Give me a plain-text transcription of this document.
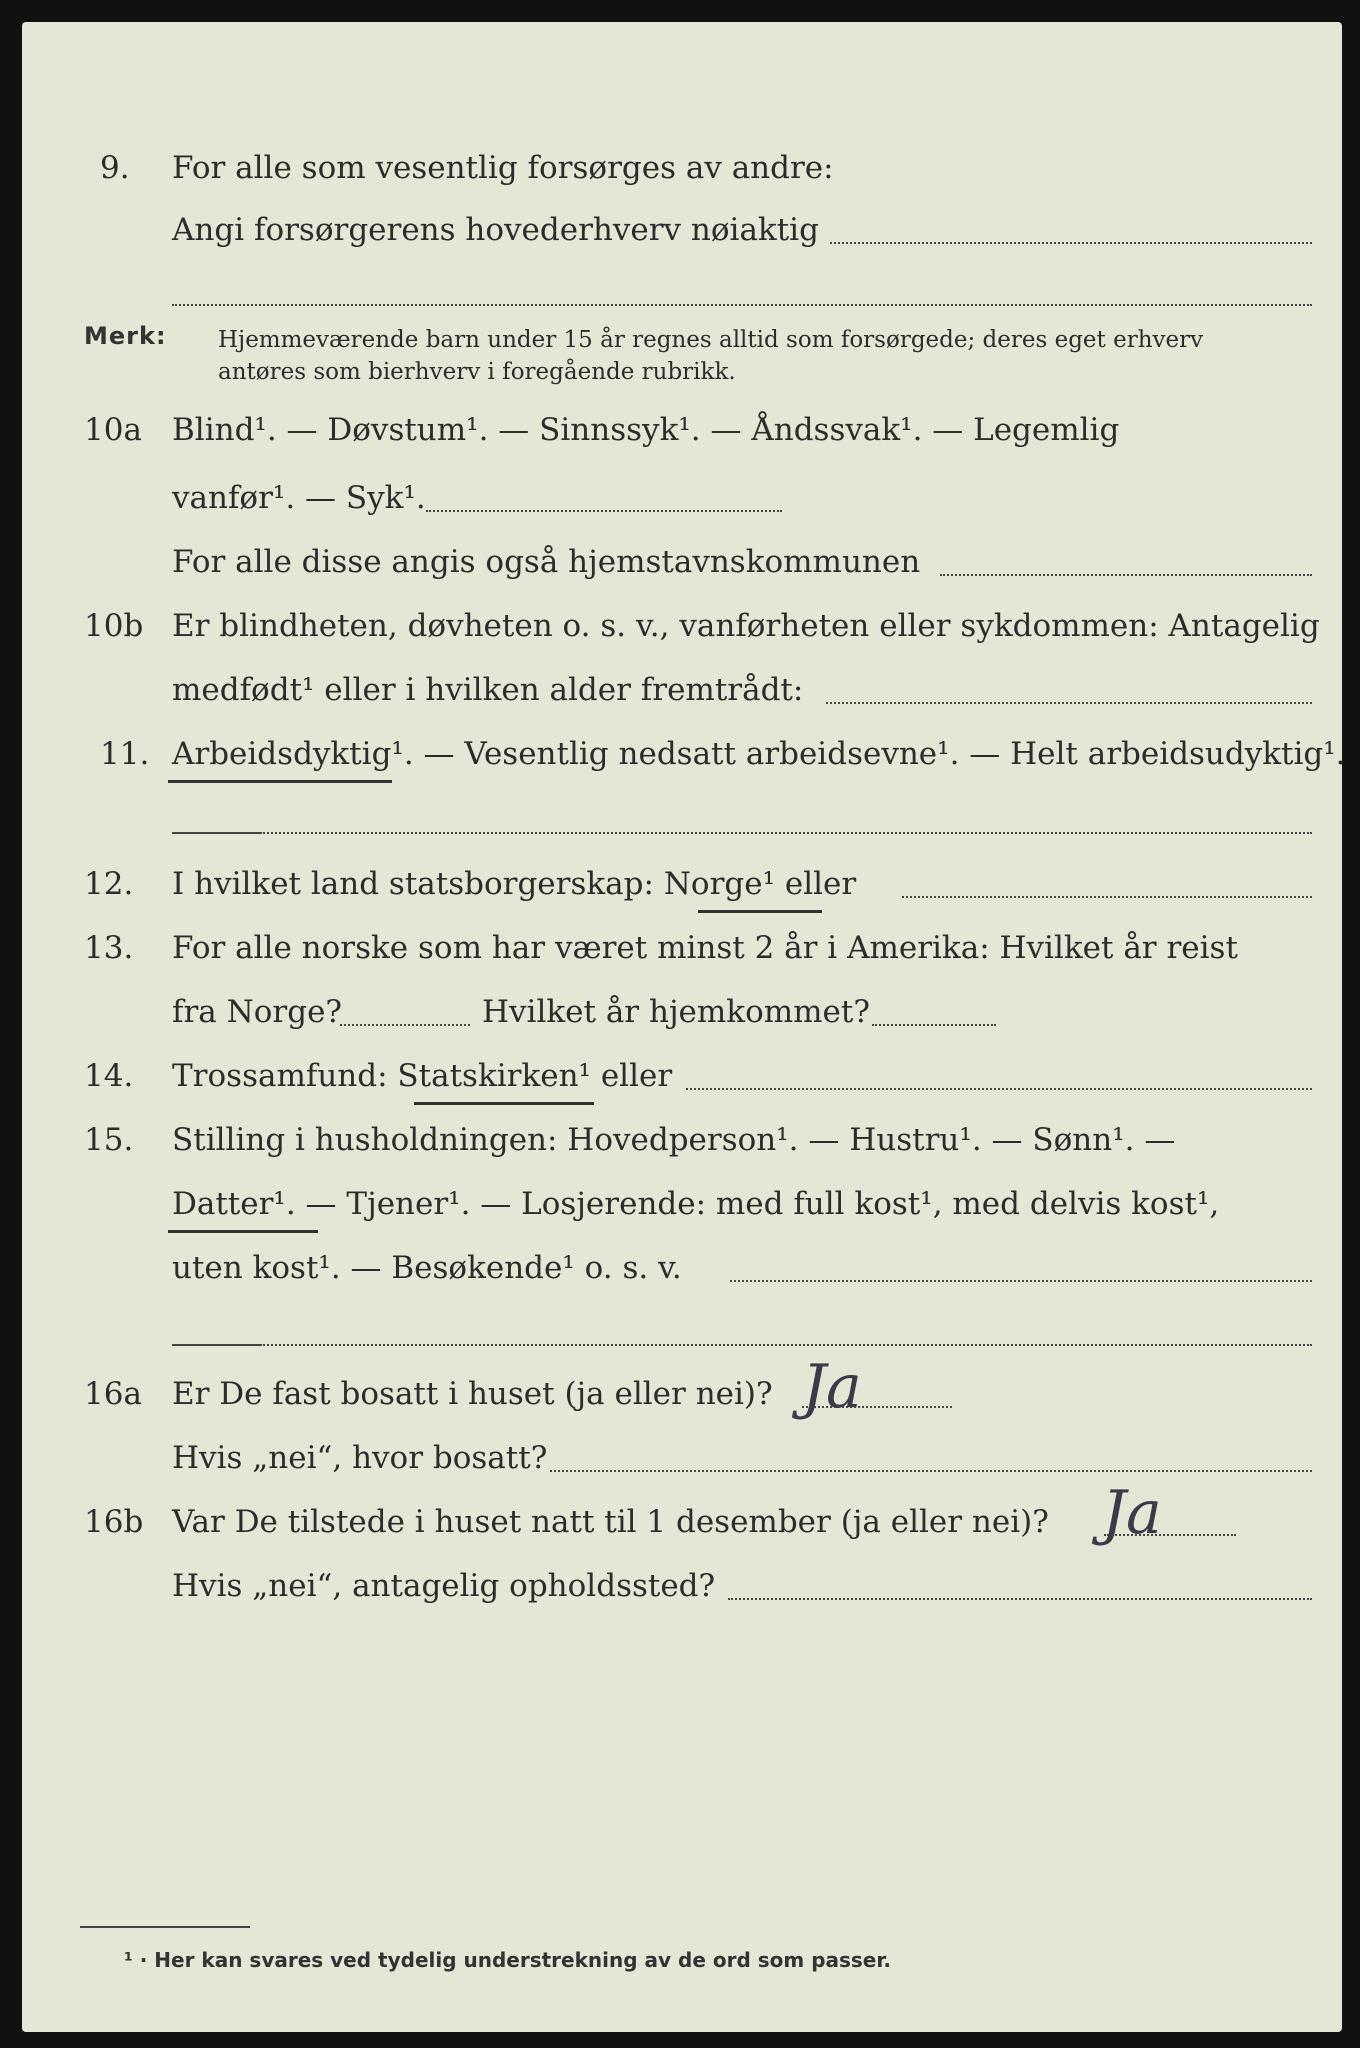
9. For alle som vesentlig forsørges av andre:
Angi forsørgerens hovederhverv nøiaktig
Merk: Hjemmeværende barn under 15 år regnes alltid som forsørgede; deres eget erhverv
antøres som bierhverv i foregående rubrikk.
10a Blind¹. — Døvstum¹. — Sinnssyk¹. — Åndssvak¹. — Legemlig
vanfør¹. — Syk¹.
For alle disse angis også hjemstavnskommunen
10b Er blindheten, døvheten o. s. v., vanførheten eller sykdommen: Antagelig
medfødt¹ eller i hvilken alder fremtrådt:
11. Arbeidsdyktig¹. — Vesentlig nedsatt arbeidsevne¹. — Helt arbeidsudyktig¹.
12. I hvilket land statsborgerskap: Norge¹ eller
13. For alle norske som har været minst 2 år i Amerika: Hvilket år reist
fra Norge?	Hvilket år hjemkommet?
14. Trossamfund: Statskirken¹ eller
15. Stilling i husholdningen: Hovedperson¹. — Hustru¹. — Sønn¹. —
Datter¹. — Tjener¹. — Losjerende: med full kost¹, med delvis kost¹,
uten kost¹. — Besøkende¹ o. s. v.
16a Er De fast bosatt i huset (ja eller nei)? Ja
Hvis „nei“, hvor bosatt?
16b Var De tilstede i huset natt til 1 desember (ja eller nei)? Ja
Hvis „nei“, antagelig opholdssted?
¹ · Her kan svares ved tydelig understrekning av de ord som passer.
